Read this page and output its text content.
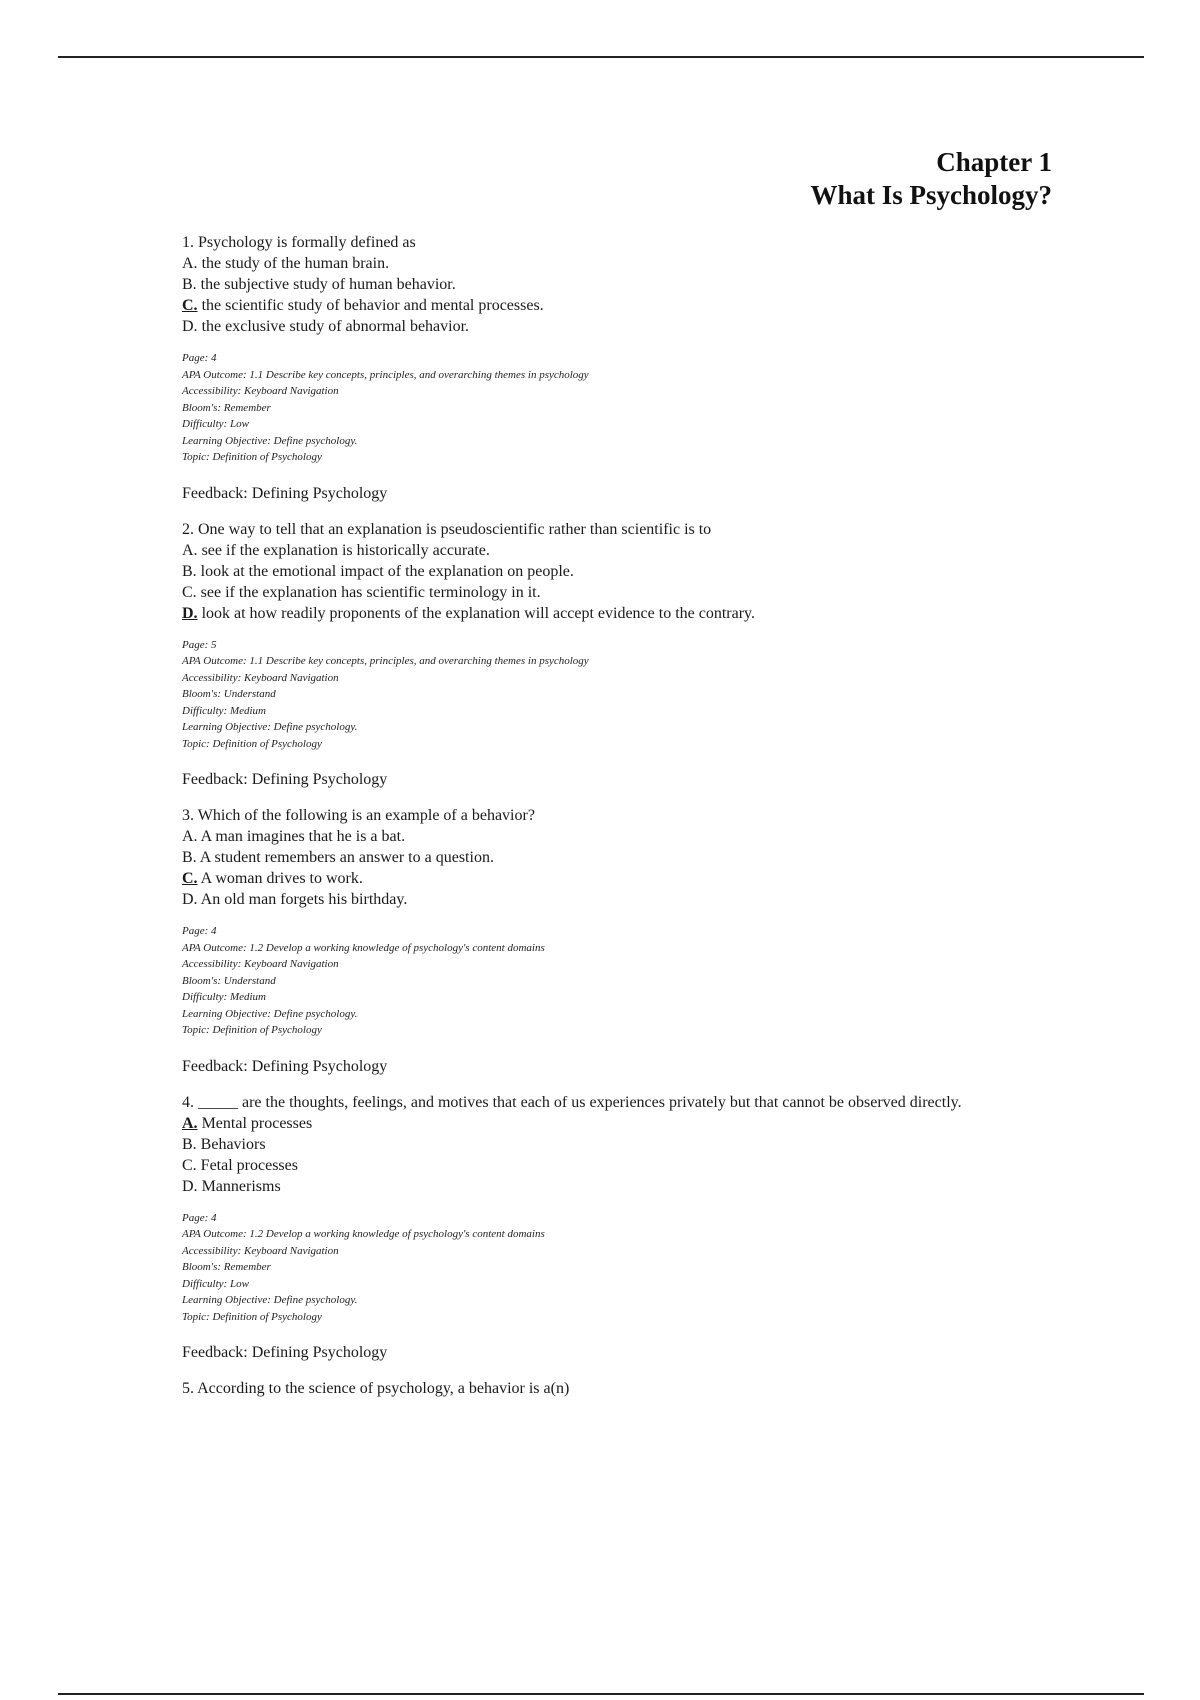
Chapter 1
What Is Psychology?
1. Psychology is formally defined as
A. the study of the human brain.
B. the subjective study of human behavior.
C. the scientific study of behavior and mental processes.
D. the exclusive study of abnormal behavior.
Page: 4
APA Outcome: 1.1 Describe key concepts, principles, and overarching themes in psychology
Accessibility: Keyboard Navigation
Bloom's: Remember
Difficulty: Low
Learning Objective: Define psychology.
Topic: Definition of Psychology
Feedback: Defining Psychology
2. One way to tell that an explanation is pseudoscientific rather than scientific is to
A. see if the explanation is historically accurate.
B. look at the emotional impact of the explanation on people.
C. see if the explanation has scientific terminology in it.
D. look at how readily proponents of the explanation will accept evidence to the contrary.
Page: 5
APA Outcome: 1.1 Describe key concepts, principles, and overarching themes in psychology
Accessibility: Keyboard Navigation
Bloom's: Understand
Difficulty: Medium
Learning Objective: Define psychology.
Topic: Definition of Psychology
Feedback: Defining Psychology
3. Which of the following is an example of a behavior?
A. A man imagines that he is a bat.
B. A student remembers an answer to a question.
C. A woman drives to work.
D. An old man forgets his birthday.
Page: 4
APA Outcome: 1.2 Develop a working knowledge of psychology's content domains
Accessibility: Keyboard Navigation
Bloom's: Understand
Difficulty: Medium
Learning Objective: Define psychology.
Topic: Definition of Psychology
Feedback: Defining Psychology
4. _____ are the thoughts, feelings, and motives that each of us experiences privately but that cannot be observed directly.
A. Mental processes
B. Behaviors
C. Fetal processes
D. Mannerisms
Page: 4
APA Outcome: 1.2 Develop a working knowledge of psychology's content domains
Accessibility: Keyboard Navigation
Bloom's: Remember
Difficulty: Low
Learning Objective: Define psychology.
Topic: Definition of Psychology
Feedback: Defining Psychology
5. According to the science of psychology, a behavior is a(n)
